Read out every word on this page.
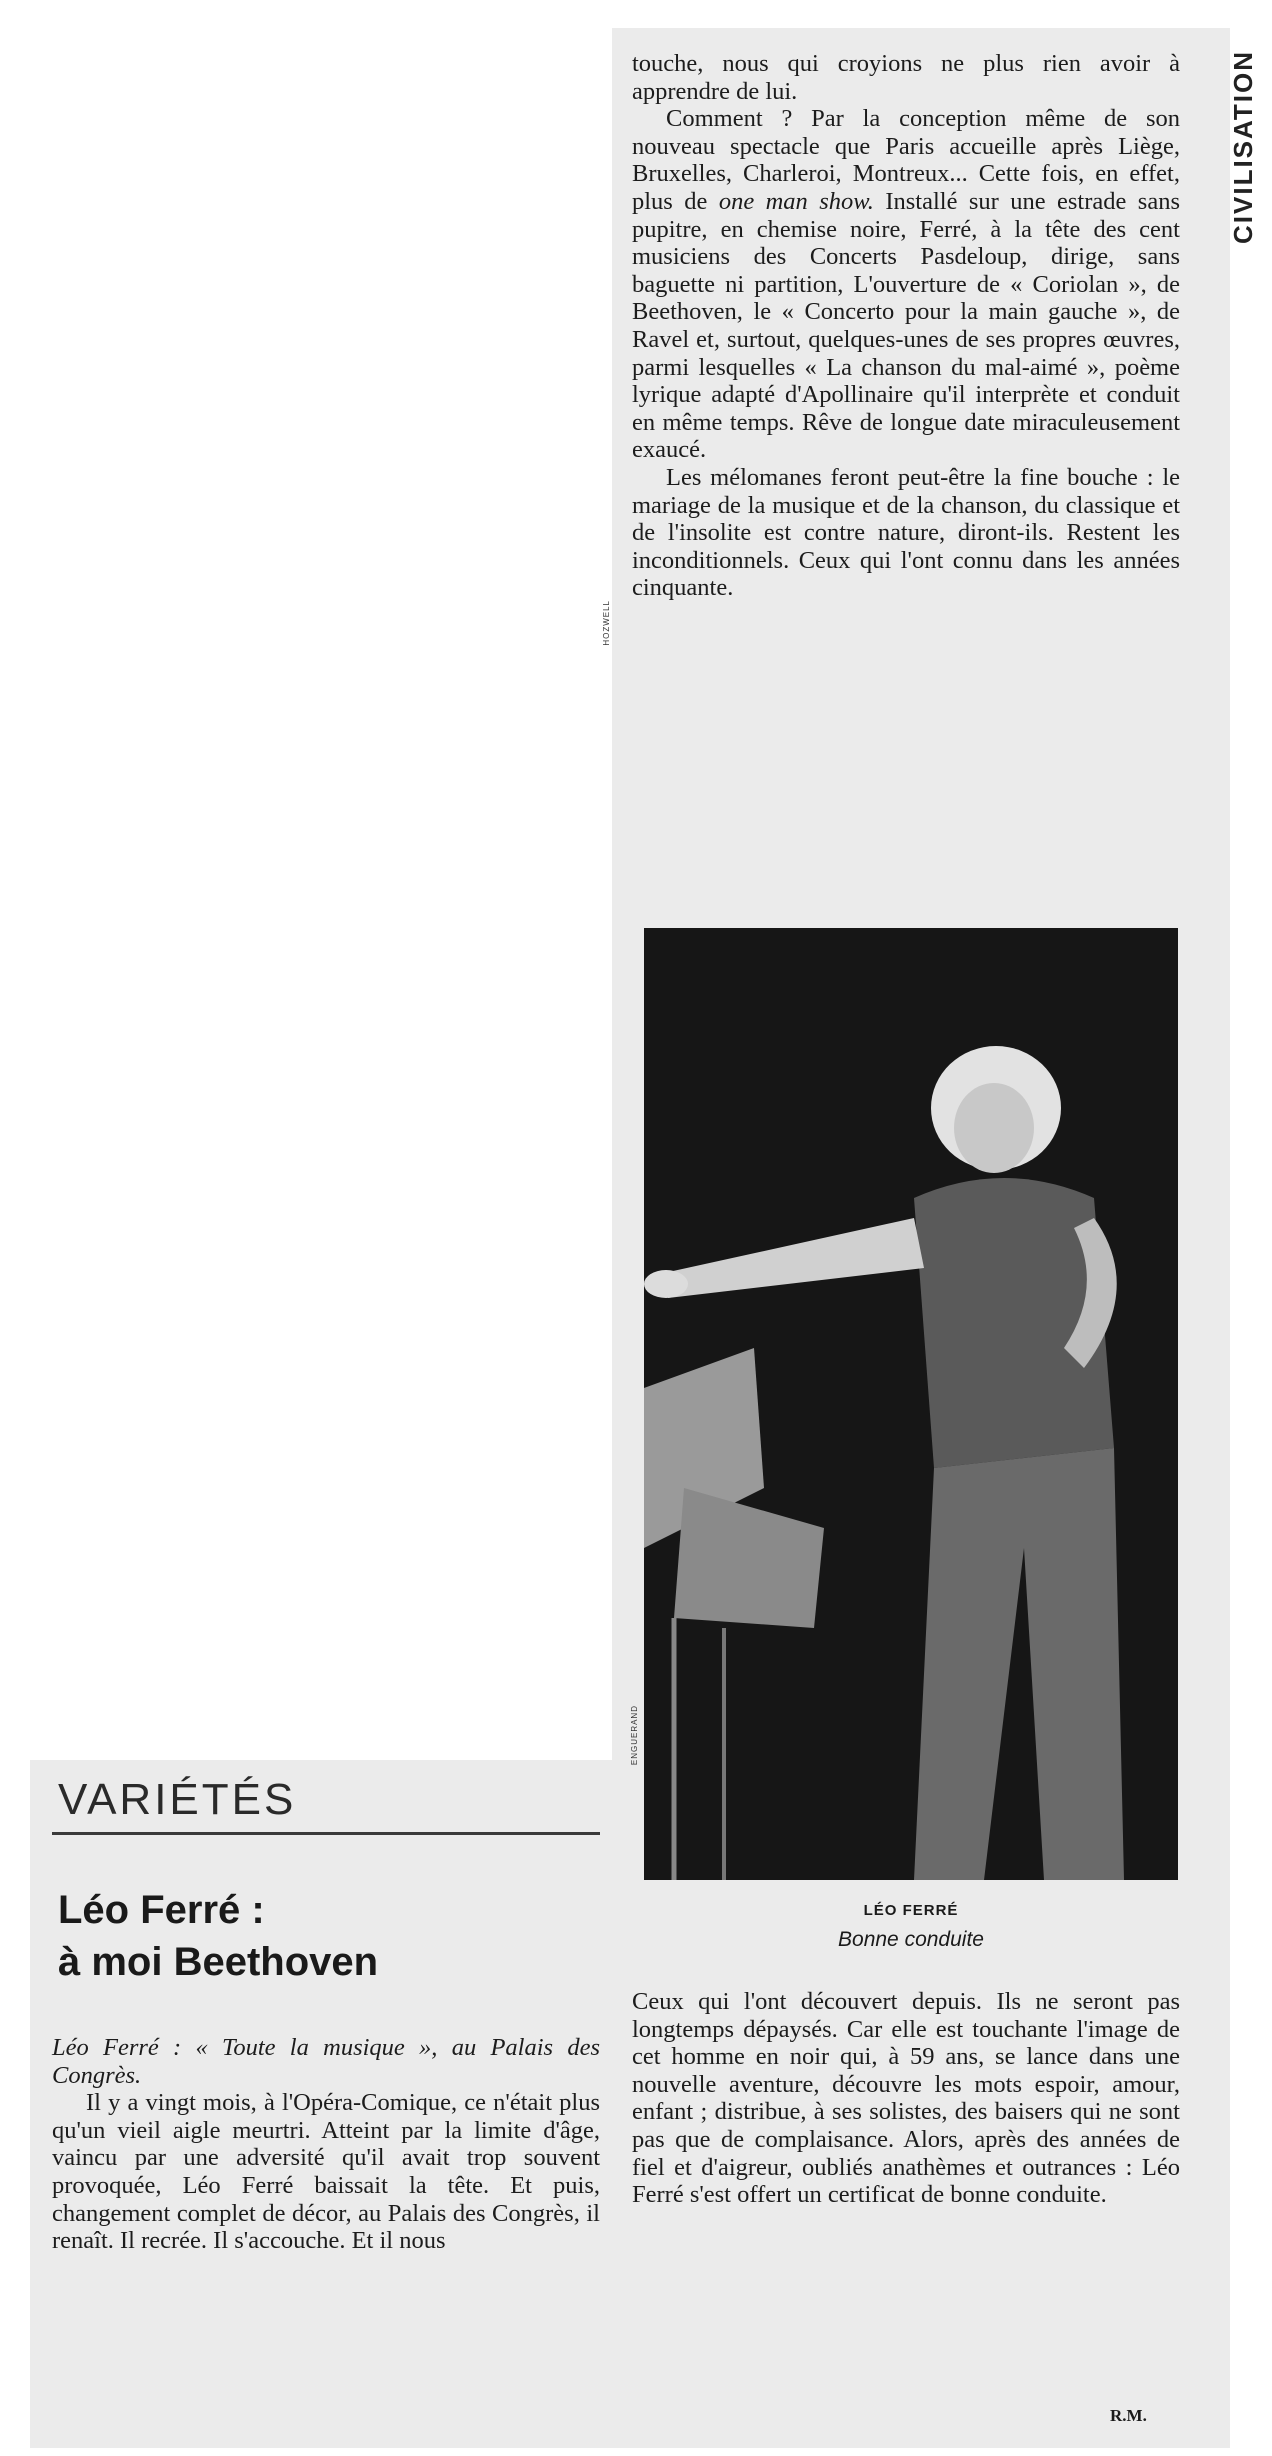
CIVILISATION

touche, nous qui croyions ne plus rien avoir à apprendre de lui.

Comment ? Par la conception même de son nouveau spectacle que Paris accueille après Liège, Bruxelles, Charleroi, Montreux... Cette fois, en effet, plus de one man show. Installé sur une estrade sans pupitre, en chemise noire, Ferré, à la tête des cent musiciens des Concerts Pasdeloup, dirige, sans baguette ni partition, L'ouverture de « Coriolan », de Beethoven, le « Concerto pour la main gauche », de Ravel et, surtout, quelques-unes de ses propres œuvres, parmi lesquelles « La chanson du mal-aimé », poème lyrique adapté d'Apollinaire qu'il interprète et conduit en même temps. Rêve de longue date miraculeusement exaucé.

Les mélomanes feront peut-être la fine bouche : le mariage de la musique et de la chanson, du classique et de l'insolite est contre nature, diront-ils. Restent les inconditionnels. Ceux qui l'ont connu dans les années cinquante.

HOZWELL
ENGUERAND
LÉO FERRÉ
Bonne conduite

Ceux qui l'ont découvert depuis. Ils ne seront pas longtemps dépaysés. Car elle est touchante l'image de cet homme en noir qui, à 59 ans, se lance dans une nouvelle aventure, découvre les mots espoir, amour, enfant ; distribue, à ses solistes, des baisers qui ne sont pas que de complaisance. Alors, après des années de fiel et d'aigreur, oubliés anathèmes et outrances : Léo Ferré s'est offert un certificat de bonne conduite.

R.M.
VARIÉTÉS
Léo Ferré :
à moi Beethoven

Léo Ferré : « Toute la musique », au Palais des Congrès.

Il y a vingt mois, à l'Opéra-Comique, ce n'était plus qu'un vieil aigle meurtri. Atteint par la limite d'âge, vaincu par une adversité qu'il avait trop souvent provoquée, Léo Ferré baissait la tête. Et puis, changement complet de décor, au Palais des Congrès, il renaît. Il recrée. Il s'accouche. Et il nous
